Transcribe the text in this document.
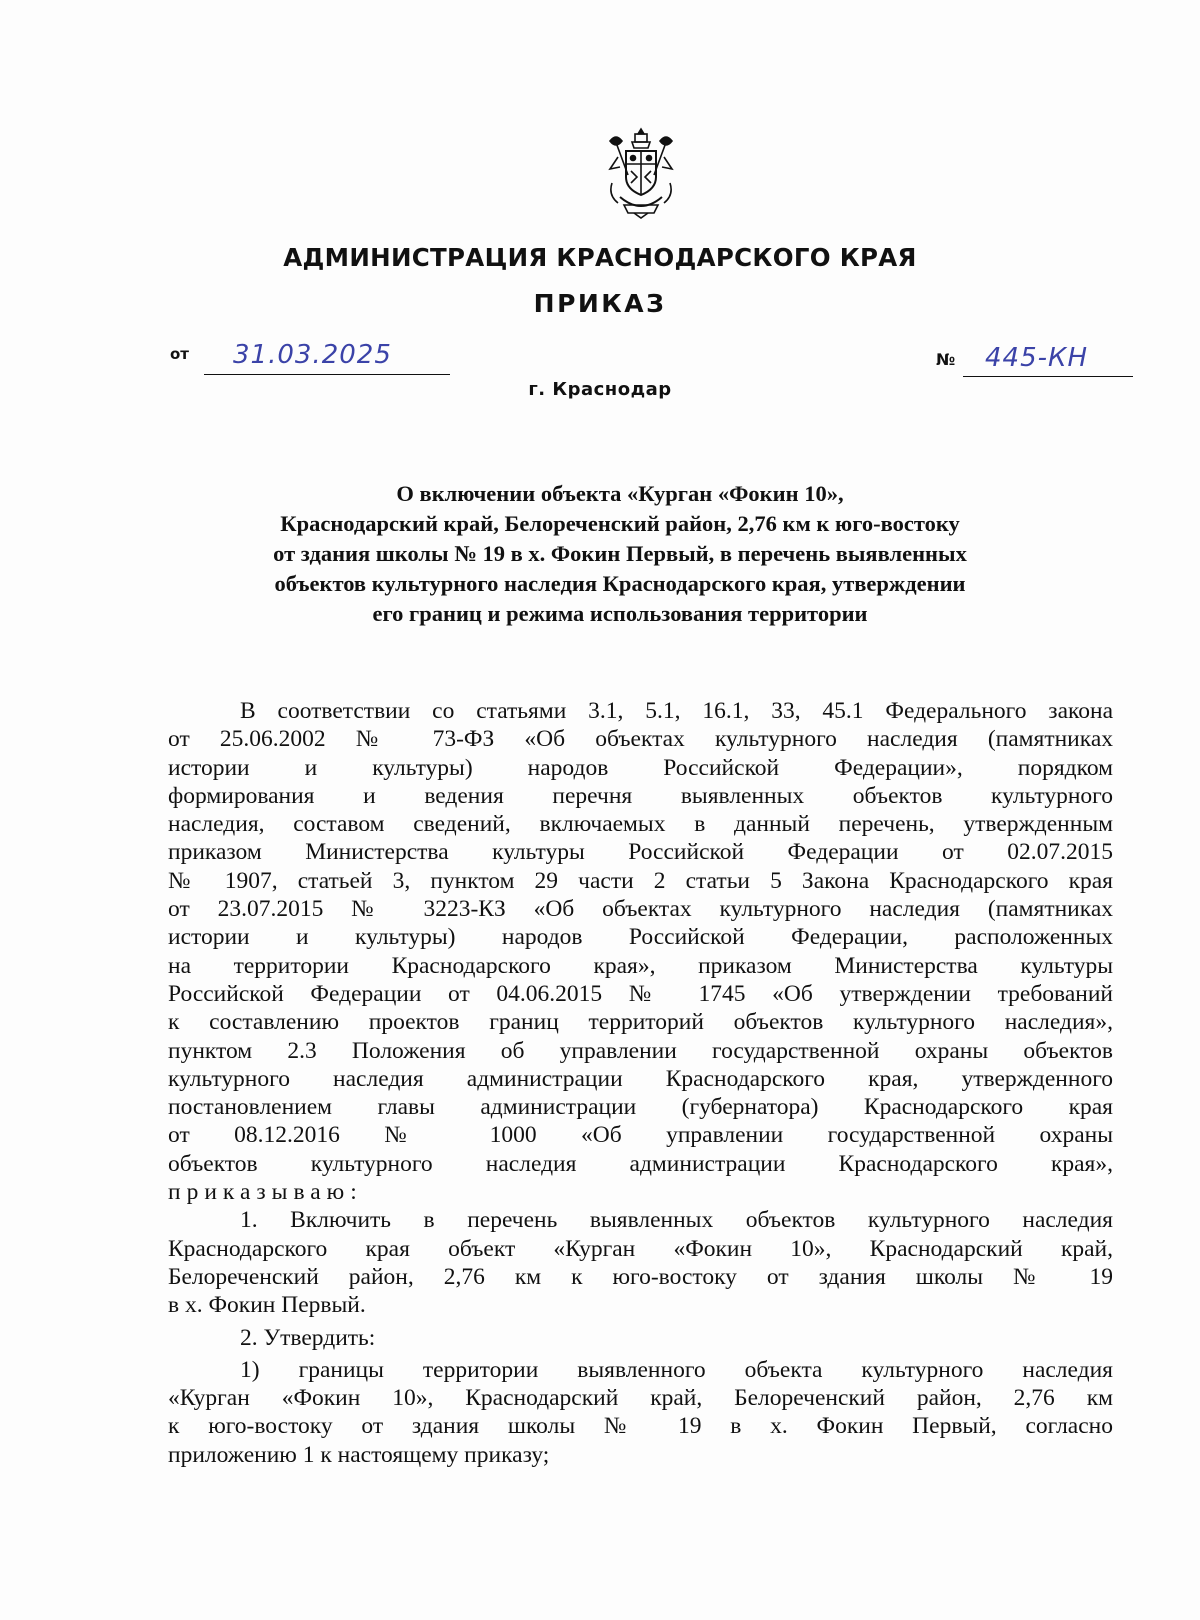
АДМИНИСТРАЦИЯ КРАСНОДАРСКОГО КРАЯ
ПРИКАЗ
от 31.03.2025	№ 445-КН
г. Краснодар
О включении объекта «Курган «Фокин 10»,
Краснодарский край, Белореченский район, 2,76 км к юго-востоку
от здания школы № 19 в х. Фокин Первый, в перечень выявленных
объектов культурного наследия Краснодарского края, утверждении
его границ и режима использования территории
В соответствии со статьями 3.1, 5.1, 16.1, 33, 45.1 Федерального закона
от 25.06.2002 № 73-ФЗ «Об объектах культурного наследия (памятниках
истории и культуры) народов Российской Федерации», порядком
формирования и ведения перечня выявленных объектов культурного
наследия, составом сведений, включаемых в данный перечень, утвержденным
приказом Министерства культуры Российской Федерации от 02.07.2015
№ 1907, статьей 3, пунктом 29 части 2 статьи 5 Закона Краснодарского края
от 23.07.2015 № 3223-КЗ «Об объектах культурного наследия (памятниках
истории и культуры) народов Российской Федерации, расположенных
на территории Краснодарского края», приказом Министерства культуры
Российской Федерации от 04.06.2015 № 1745 «Об утверждении требований
к составлению проектов границ территорий объектов культурного наследия»,
пунктом 2.3 Положения об управлении государственной охраны объектов
культурного наследия администрации Краснодарского края, утвержденного
постановлением главы администрации (губернатора) Краснодарского края
от 08.12.2016 № 1000 «Об управлении государственной охраны
объектов культурного наследия администрации Краснодарского края»,
приказываю:
1. Включить в перечень выявленных объектов культурного наследия
Краснодарского края объект «Курган «Фокин 10», Краснодарский край,
Белореченский район, 2,76 км к юго-востоку от здания школы № 19
в х. Фокин Первый.
2. Утвердить:
1) границы территории выявленного объекта культурного наследия
«Курган «Фокин 10», Краснодарский край, Белореченский район, 2,76 км
к юго-востоку от здания школы № 19 в х. Фокин Первый, согласно
приложению 1 к настоящему приказу;
